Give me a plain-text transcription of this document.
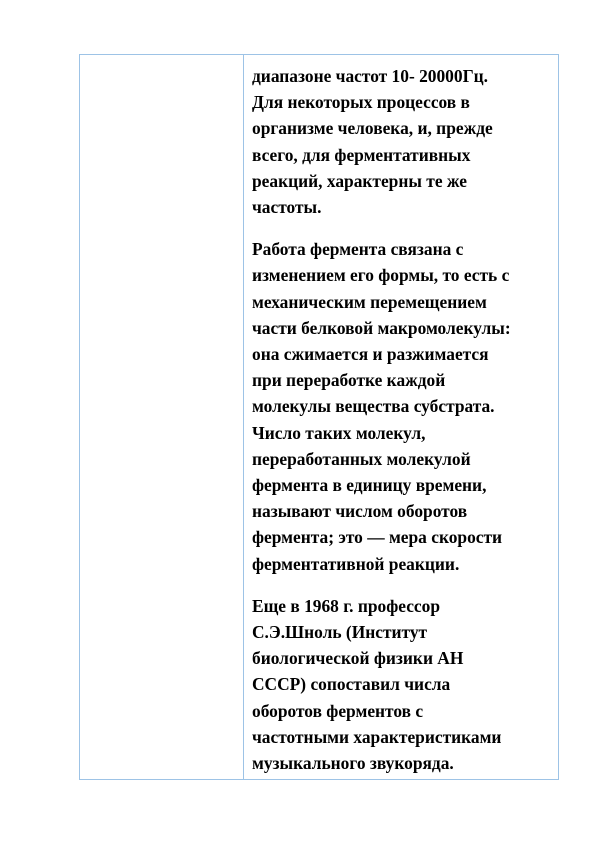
диапазоне частот 10- 20000Гц.
Для некоторых процессов в
организме человека, и, прежде
всего, для ферментативных
реакций, характерны те же
частоты.

Работа фермента связана с
изменением его формы, то есть с
механическим перемещением
части белковой макромолекулы:
она сжимается и разжимается
при переработке каждой
молекулы вещества субстрата.
Число таких молекул,
переработанных молекулой
фермента в единицу времени,
называют числом оборотов
фермента; это — мера скорости
ферментативной реакции.

Еще в 1968 г. профессор
С.Э.Шноль (Институт
биологической физики АН
СССР) сопоставил числа
оборотов ферментов с
частотными характеристиками
музыкального звукоряда.
